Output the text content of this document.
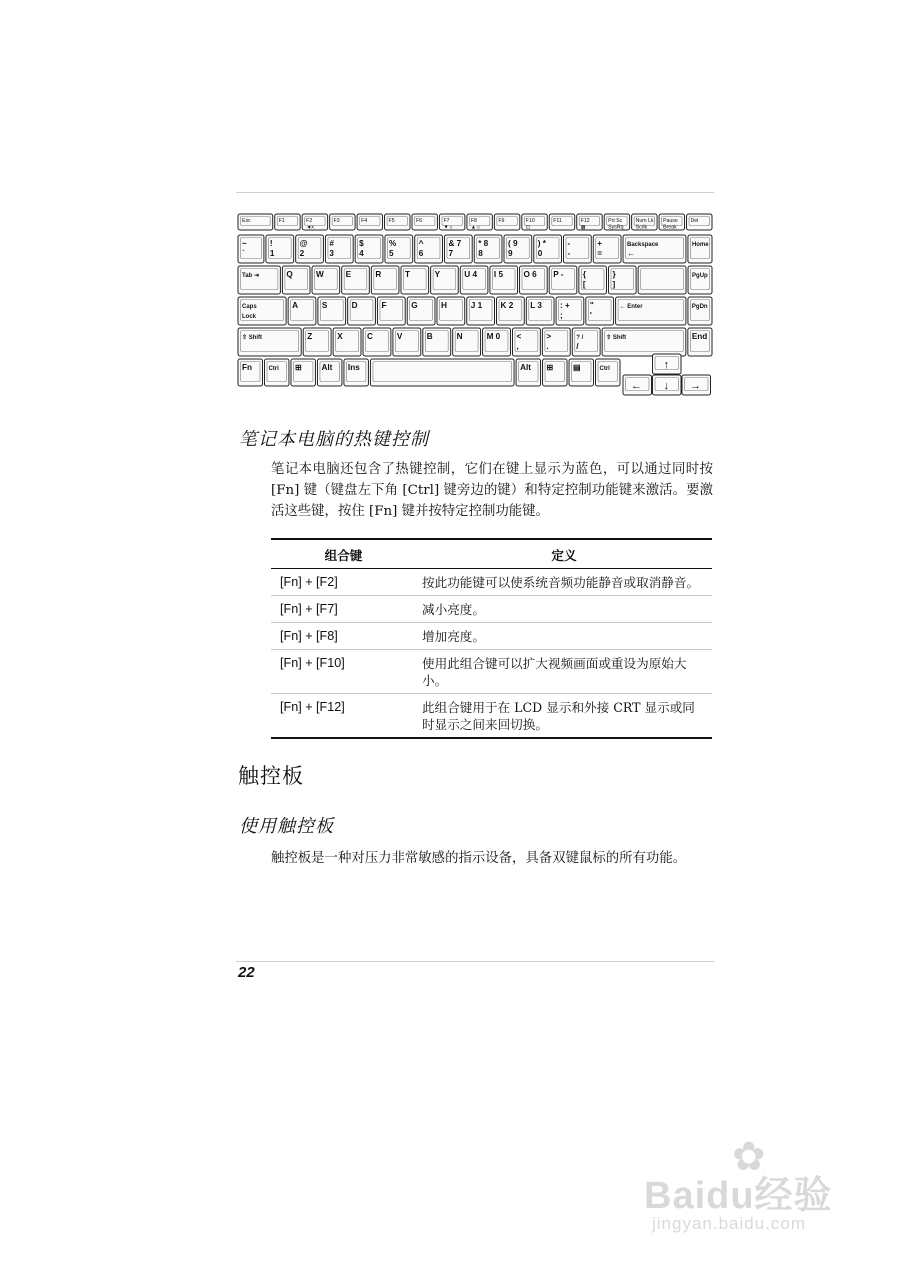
Esc	F1	F2
◄x
F3	F4	F5	F6	F7
▼☼
F8
▲☼
F9	F10
⊡
F11	F12
▦
Prt Sc
SysRq
Num Lk
Scrlk
Pause
Break
Del
~
`
!
1
@
2
#
3
$
4
%
5
^
6
& 7
7
* 8
8
( 9
9
) *
0
-
-
+
=
Backspace
←
Home
Tab ⇥	Q	W	E	R	T	Y	U 4 I 5	O 6 P - {
[
}
]
PgUp
Caps
Lock
A	S	D	F	G	H	J 1 K 2 L 3 : +
;
"
'
← Enter	PgDn
⇧ Shift	Z	X	C	V	B	N	M 0 <
,
>
.
? /
/
⇧ Shift	End
Fn	Ctrl ⊞ Alt Ins	Alt ⊞ ▤	Ctrl	↑
← ↓ →
笔记本电脑的热键控制
笔记本电脑还包含了热键控制，它们在键上显示为蓝色，可以通过同时按 [Fn] 键（键盘左下角 [Ctrl] 键旁边的键）和特定控制功能键来激活。要激活这些键，按住 [Fn] 键并按特定控制功能键。
组合键	定义
[Fn] + [F2]	按此功能键可以使系统音频功能静音或取消静音。
[Fn] + [F7]	减小亮度。
[Fn] + [F8]	增加亮度。
[Fn] + [F10]	使用此组合键可以扩大视频画面或重设为原始大小。
[Fn] + [F12]	此组合键用于在 LCD 显示和外接 CRT 显示或同时显示之间来回切换。
触控板
使用触控板
触控板是一种对压力非常敏感的指示设备，具备双键鼠标的所有功能。
22
✿
Baidu经验
jingyan.baidu.com
